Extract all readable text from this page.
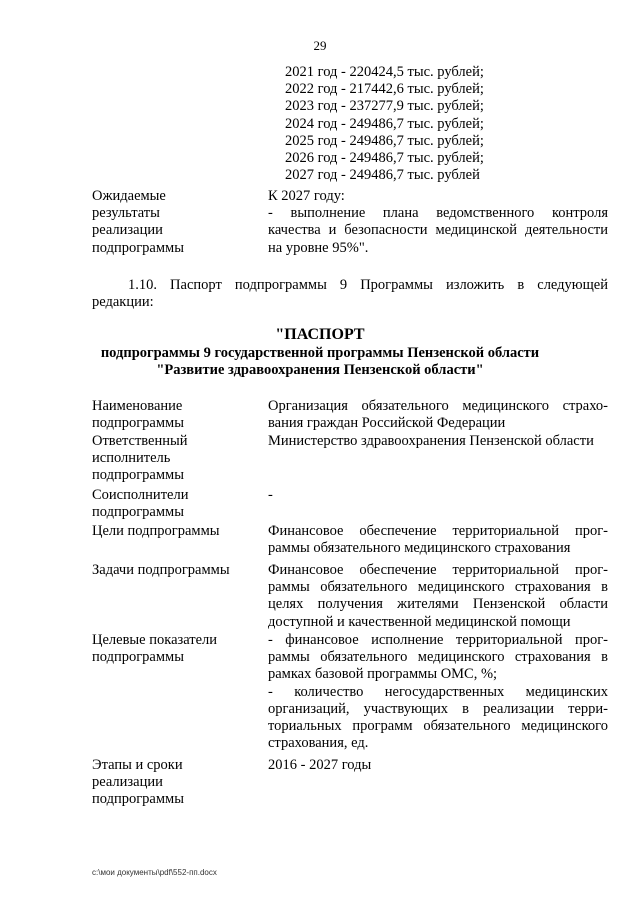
29
2021 год - 220424,5 тыс. рублей;
2022 год - 217442,6 тыс. рублей;
2023 год - 237277,9 тыс. рублей;
2024 год - 249486,7 тыс. рублей;
2025 год - 249486,7 тыс. рублей;
2026 год - 249486,7 тыс. рублей;
2027 год - 249486,7 тыс. рублей
Ожидаемые
результаты
реализации
подпрограммы
К 2027 году:
- выполнение плана ведомственного контроля
качества и безопасности медицинской деятельности
на уровне 95%".
1.10. Паспорт подпрограммы 9 Программы изложить в следующей
редакции:
"ПАСПОРТ
подпрограммы 9 государственной программы Пензенской области
"Развитие здравоохранения Пензенской области"
Наименование
подпрограммы
Организация обязательного медицинского страхо-
вания граждан Российской Федерации
Ответственный
исполнитель
подпрограммы
Министерство здравоохранения Пензенской области
Соисполнители
подпрограммы
-
Цели подпрограммы	Финансовое обеспечение территориальной прог-
раммы обязательного медицинского страхования
Задачи подпрограммы	Финансовое обеспечение территориальной прог-
раммы обязательного медицинского страхования в
целях получения жителями Пензенской области
доступной и качественной медицинской помощи
Целевые показатели
подпрограммы
- финансовое исполнение территориальной прог-
раммы обязательного медицинского страхования в
рамках базовой программы ОМС, %;
- количество негосударственных медицинских
организаций, участвующих в реализации терри-
ториальных программ обязательного медицинского
страхования, ед.
Этапы и сроки
реализации
подпрограммы
2016 - 2027 годы
c:\мои документы\pdf\552-пп.docx
